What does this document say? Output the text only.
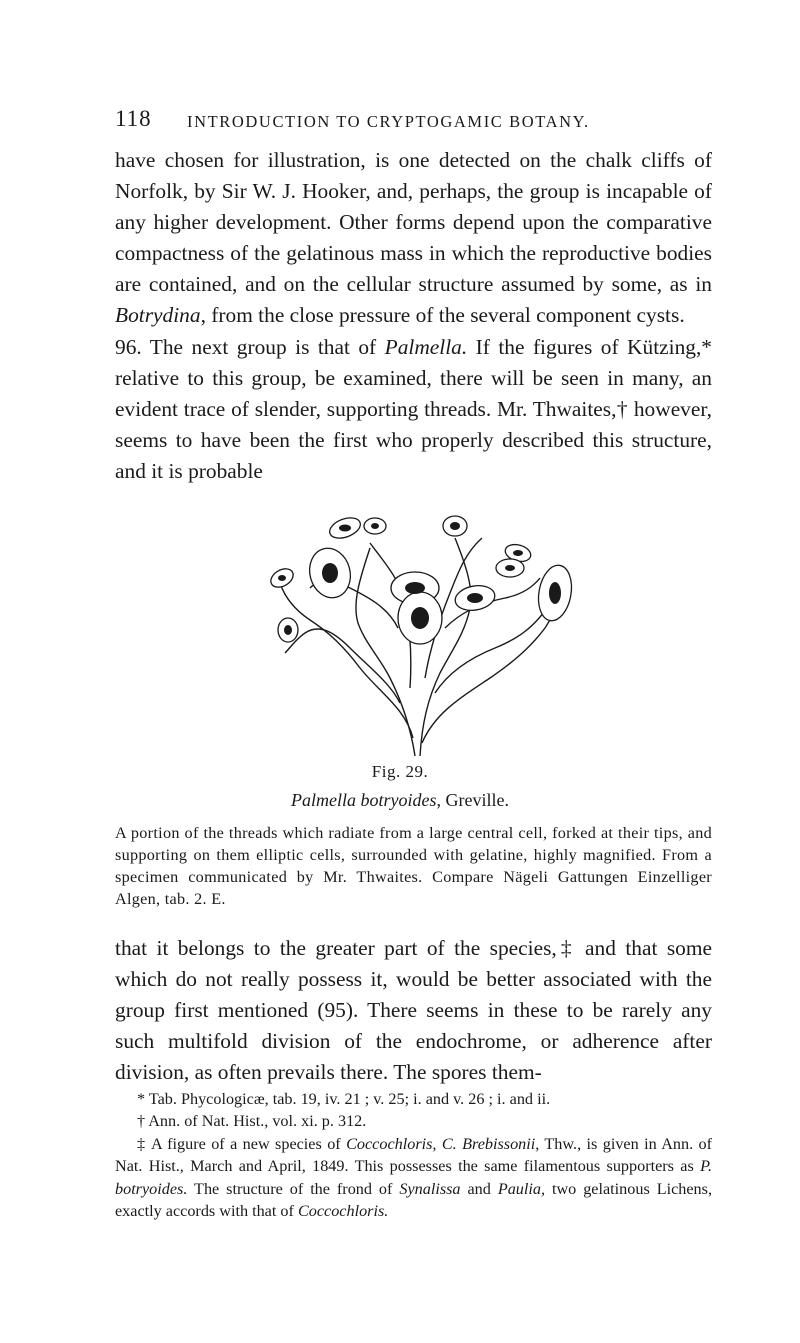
118 INTRODUCTION TO CRYPTOGAMIC BOTANY.

have chosen for illustration, is one detected on the chalk cliffs of Norfolk, by Sir W. J. Hooker, and, perhaps, the group is incapable of any higher development. Other forms depend upon the comparative compactness of the gelatinous mass in which the reproductive bodies are contained, and on the cellular structure assumed by some, as in Botrydina, from the close pressure of the several component cysts.

96. The next group is that of Palmella. If the figures of Kützing,* relative to this group, be examined, there will be seen in many, an evident trace of slender, supporting threads. Mr. Thwaites,† however, seems to have been the first who properly described this structure, and it is probable

Fig. 29.
Palmella botryoides, Greville.
A portion of the threads which radiate from a large central cell, forked at their tips, and supporting on them elliptic cells, surrounded with gelatine, highly magnified. From a specimen communicated by Mr. Thwaites. Compare Nägeli Gattungen Einzelliger Algen, tab. 2. E.
that it belongs to the greater part of the species,‡ and that some which do not really possess it, would be better associated with the group first mentioned (95). There seems in these to be rarely any such multifold division of the endochrome, or adherence after division, as often prevails there. The spores them-

* Tab. Phycologicæ, tab. 19, iv. 21 ; v. 25; i. and v. 26 ; i. and ii.

† Ann. of Nat. Hist., vol. xi. p. 312.

‡ A figure of a new species of Coccochloris, C. Brebissonii, Thw., is given in Ann. of Nat. Hist., March and April, 1849. This possesses the same filamentous supporters as P. botryoides. The structure of the frond of Synalissa and Paulia, two gelatinous Lichens, exactly accords with that of Coccochloris.
